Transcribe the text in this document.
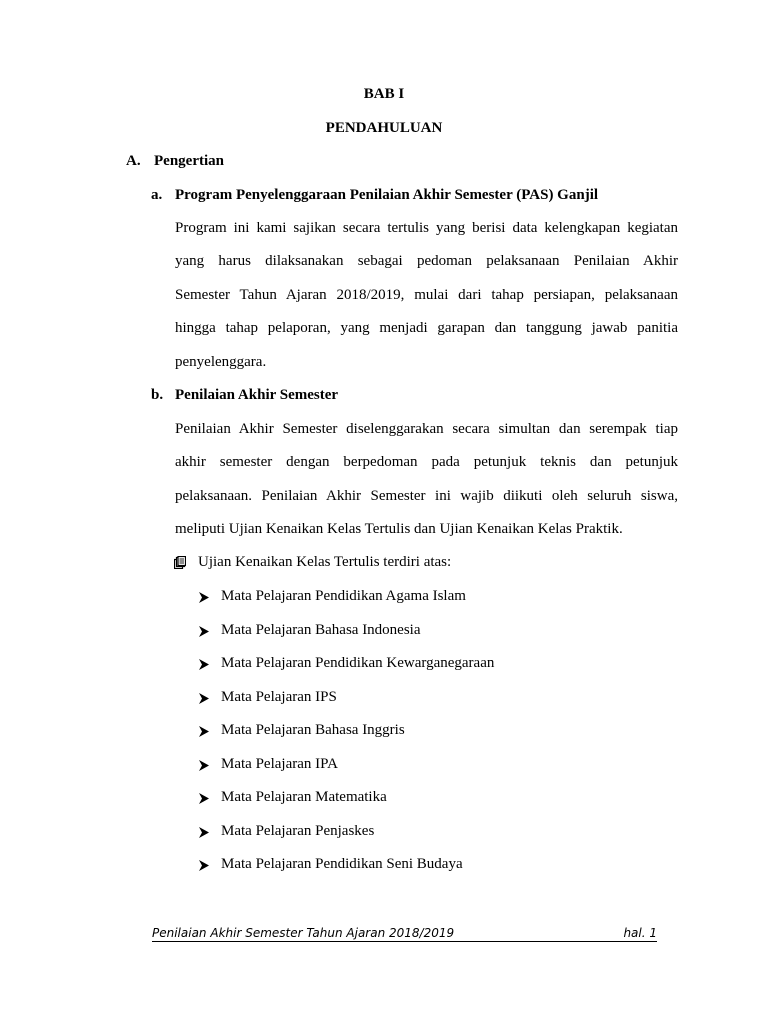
BAB I
PENDAHULUAN
A. Pengertian
a. Program Penyelenggaraan Penilaian Akhir Semester (PAS) Ganjil
Program ini kami sajikan secara tertulis yang berisi data kelengkapan kegiatan
yang harus dilaksanakan sebagai pedoman pelaksanaan Penilaian Akhir
Semester Tahun Ajaran 2018/2019, mulai dari tahap persiapan, pelaksanaan
hingga tahap pelaporan, yang menjadi garapan dan tanggung jawab panitia
penyelenggara.
b. Penilaian Akhir Semester
Penilaian Akhir Semester diselenggarakan secara simultan dan serempak tiap
akhir semester dengan berpedoman pada petunjuk teknis dan petunjuk
pelaksanaan. Penilaian Akhir Semester ini wajib diikuti oleh seluruh siswa,
meliputi Ujian Kenaikan Kelas Tertulis dan Ujian Kenaikan Kelas Praktik.
Ujian Kenaikan Kelas Tertulis terdiri atas:
Mata Pelajaran Pendidikan Agama Islam
Mata Pelajaran Bahasa Indonesia
Mata Pelajaran Pendidikan Kewarganegaraan
Mata Pelajaran IPS
Mata Pelajaran Bahasa Inggris
Mata Pelajaran IPA
Mata Pelajaran Matematika
Mata Pelajaran Penjaskes
Mata Pelajaran Pendidikan Seni Budaya
Penilaian Akhir Semester Tahun Ajaran 2018/2019	hal. 1
